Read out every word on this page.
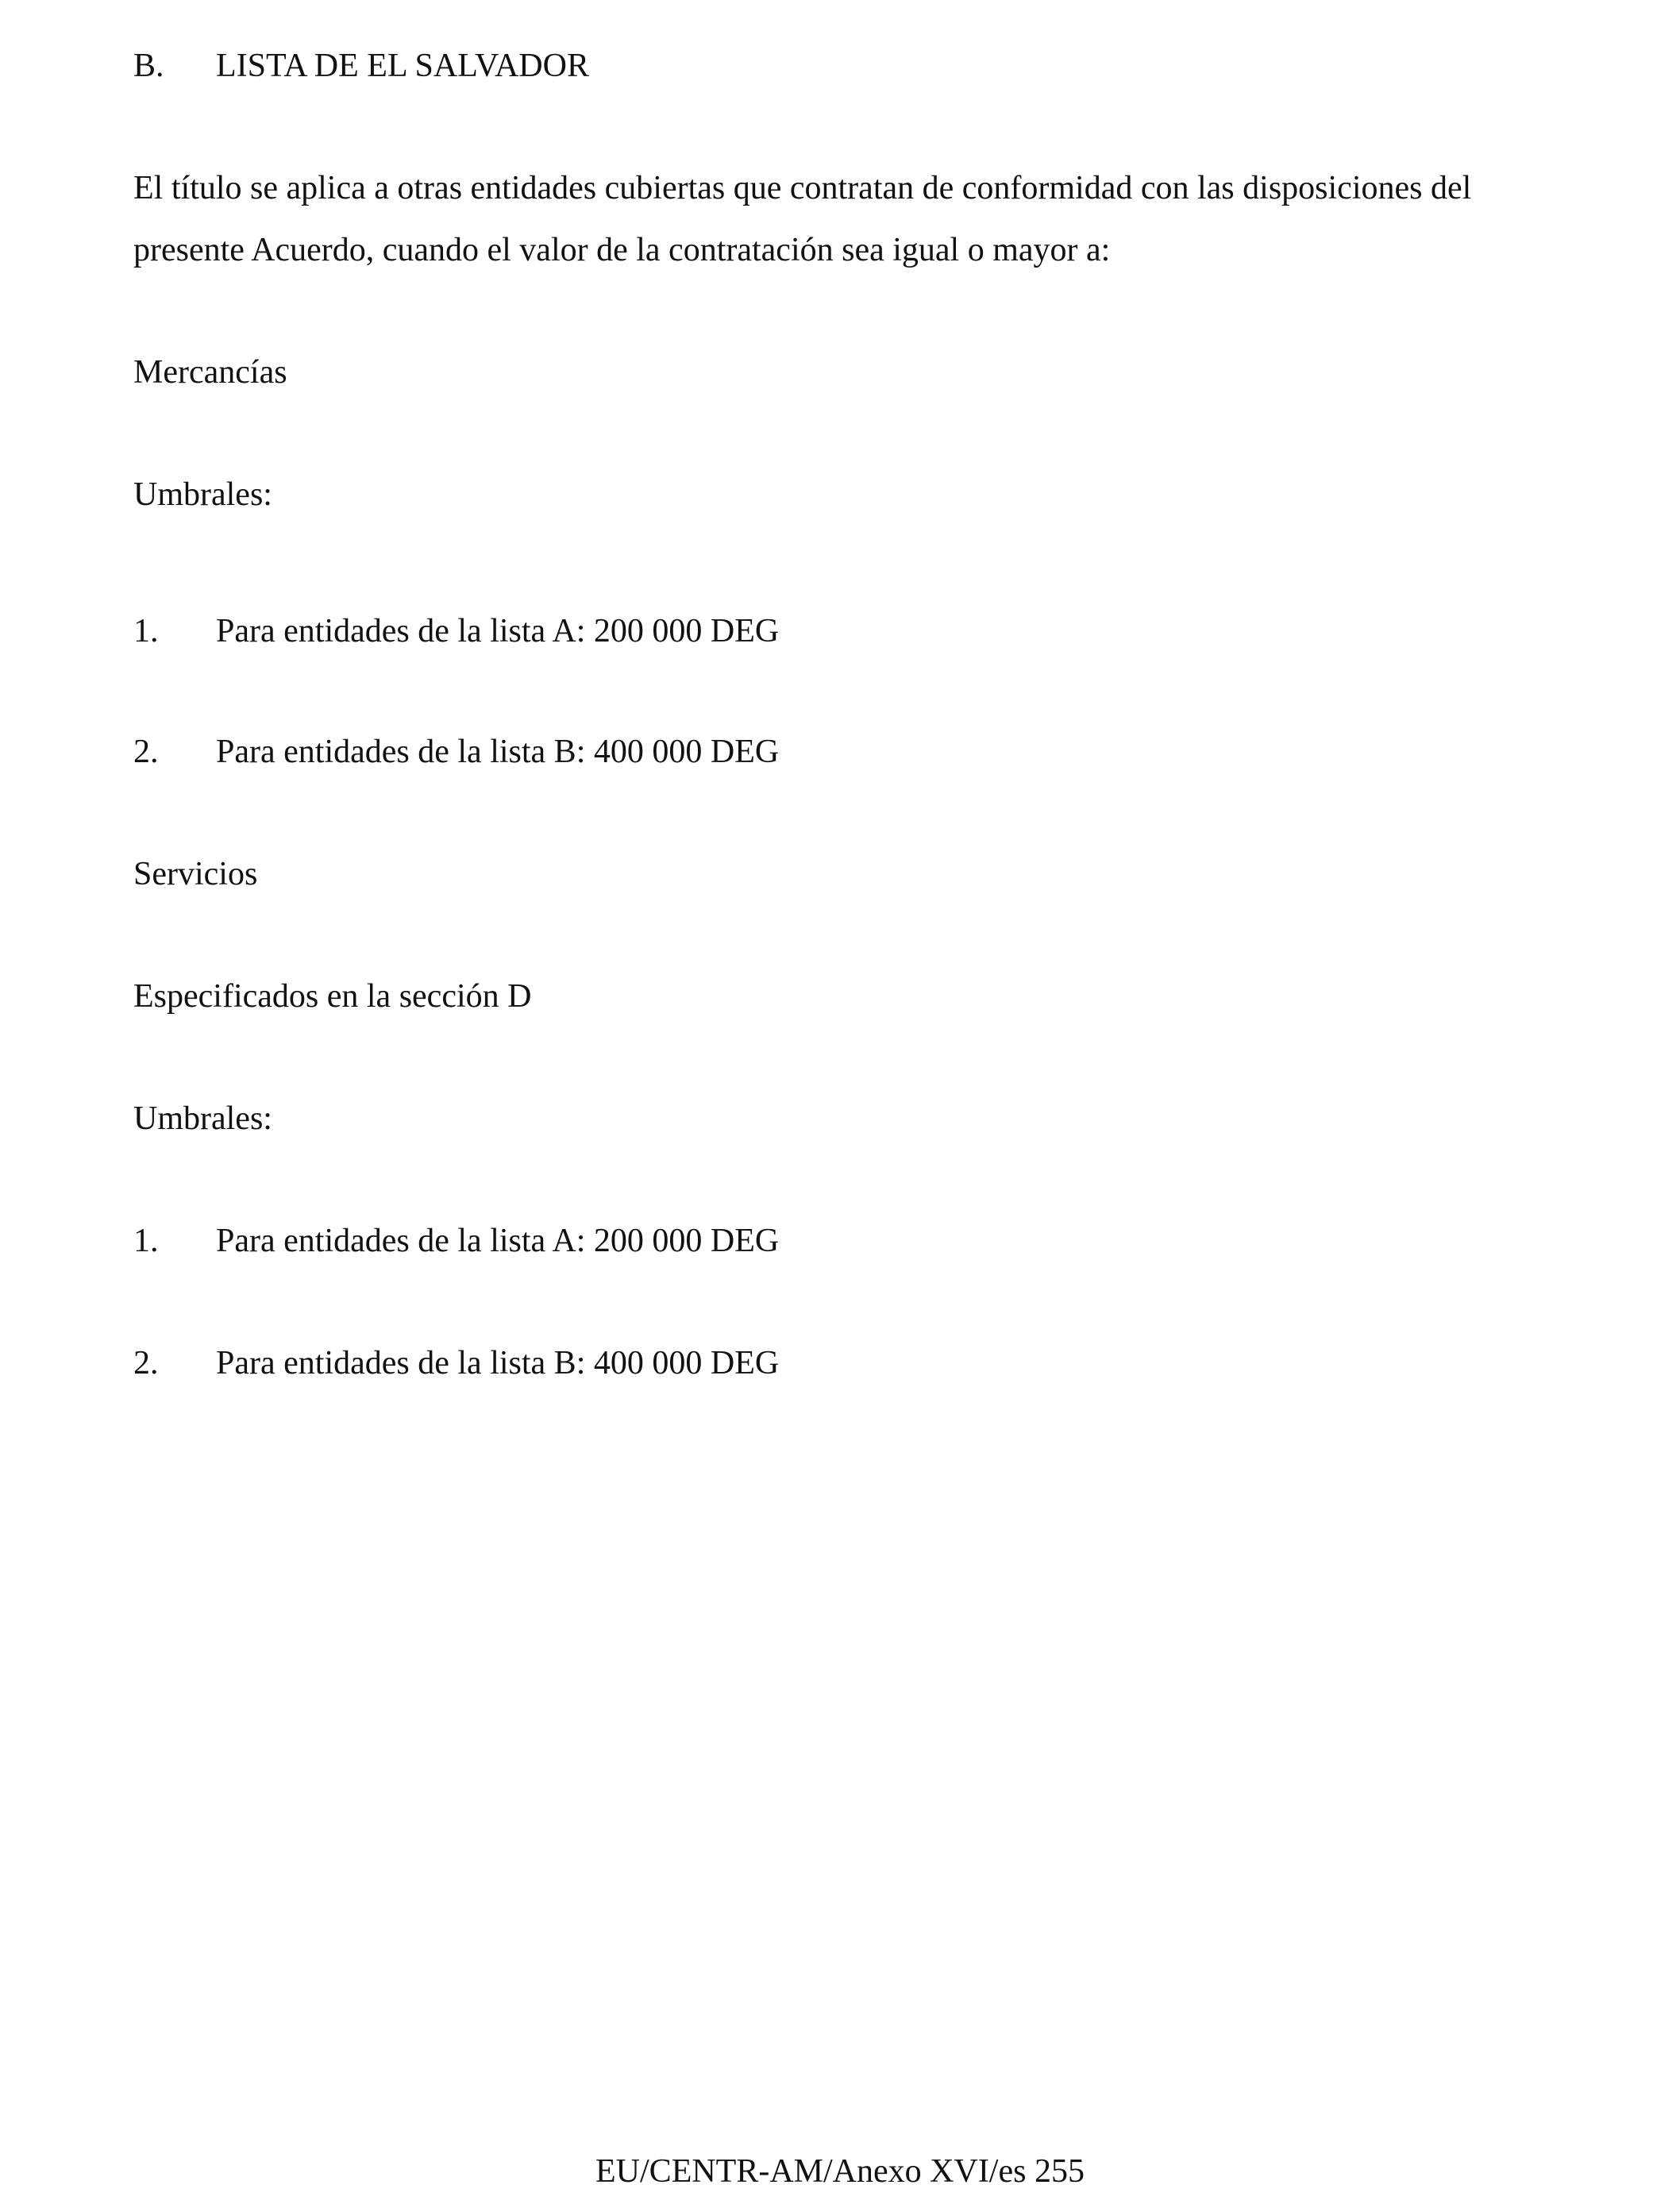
B. LISTA DE EL SALVADOR
El título se aplica a otras entidades cubiertas que contratan de conformidad con las disposiciones del presente Acuerdo, cuando el valor de la contratación sea igual o mayor a:
Mercancías
Umbrales:
1. Para entidades de la lista A: 200 000 DEG
2. Para entidades de la lista B: 400 000 DEG
Servicios
Especificados en la sección D
Umbrales:
1. Para entidades de la lista A: 200 000 DEG
2. Para entidades de la lista B: 400 000 DEG
EU/CENTR-AM/Anexo XVI/es 255
